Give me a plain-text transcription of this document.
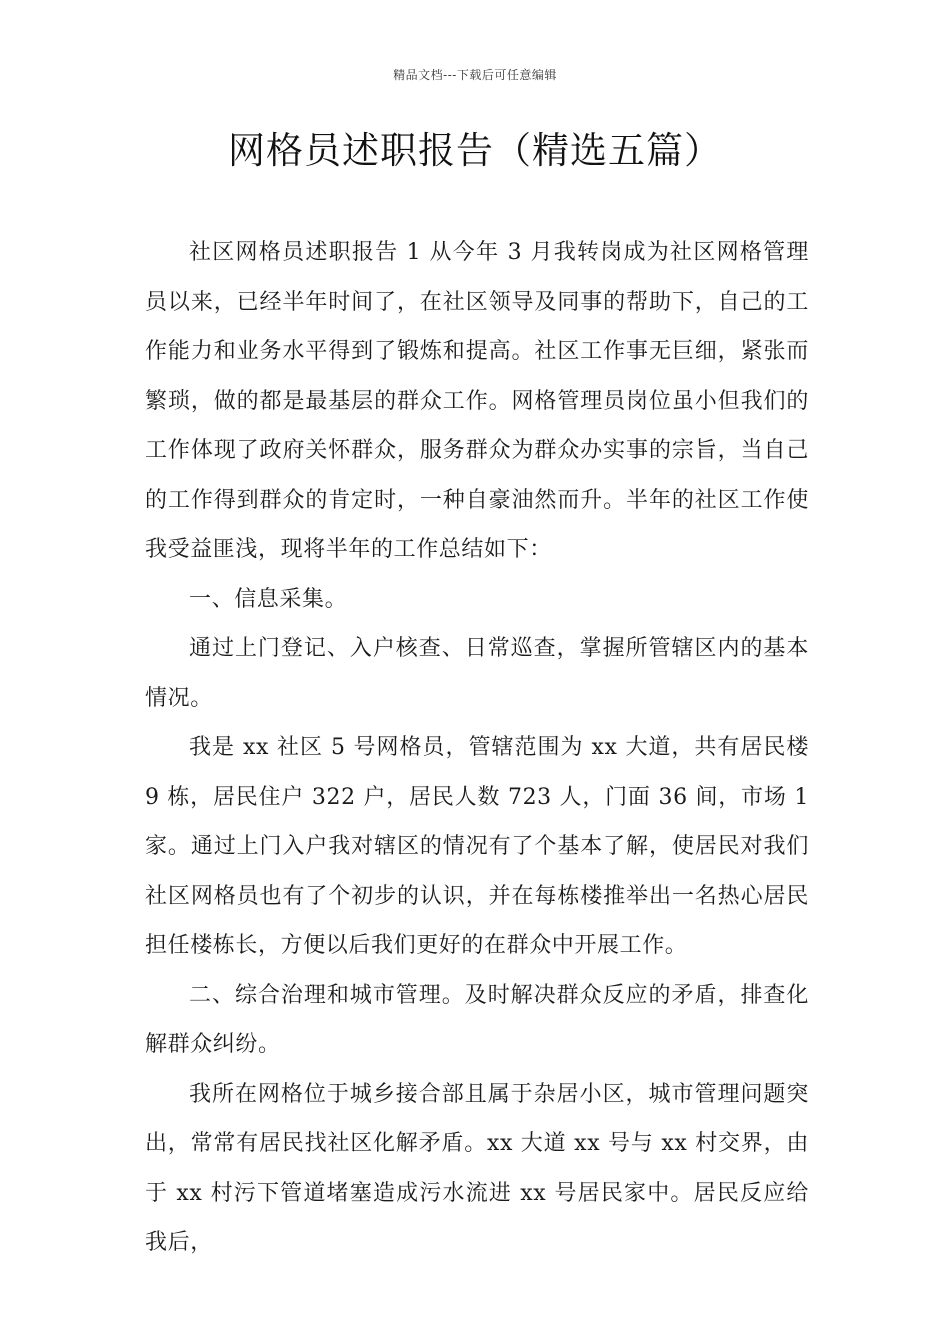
精品文档---下载后可任意编辑
网格员述职报告（精选五篇）

社区网格员述职报告 1 从今年 3 月我转岗成为社区网格管理员以来，已经半年时间了，在社区领导及同事的帮助下，自己的工作能力和业务水平得到了锻炼和提高。社区工作事无巨细，紧张而繁琐，做的都是最基层的群众工作。网格管理员岗位虽小但我们的工作体现了政府关怀群众，服务群众为群众办实事的宗旨，当自己的工作得到群众的肯定时，一种自豪油然而升。半年的社区工作使我受益匪浅，现将半年的工作总结如下：

一、信息采集。

通过上门登记、入户核查、日常巡查，掌握所管辖区内的基本情况。

我是 xx 社区 5 号网格员，管辖范围为 xx 大道，共有居民楼 9 栋，居民住户 322 户，居民人数 723 人，门面 36 间，市场 1 家。通过上门入户我对辖区的情况有了个基本了解，使居民对我们社区网格员也有了个初步的认识，并在每栋楼推举出一名热心居民担任楼栋长，方便以后我们更好的在群众中开展工作。

二、综合治理和城市管理。及时解决群众反应的矛盾，排查化解群众纠纷。

我所在网格位于城乡接合部且属于杂居小区，城市管理问题突出，常常有居民找社区化解矛盾。xx 大道 xx 号与 xx 村交界，由于 xx 村污下管道堵塞造成污水流进 xx 号居民家中。居民反应给我后，
